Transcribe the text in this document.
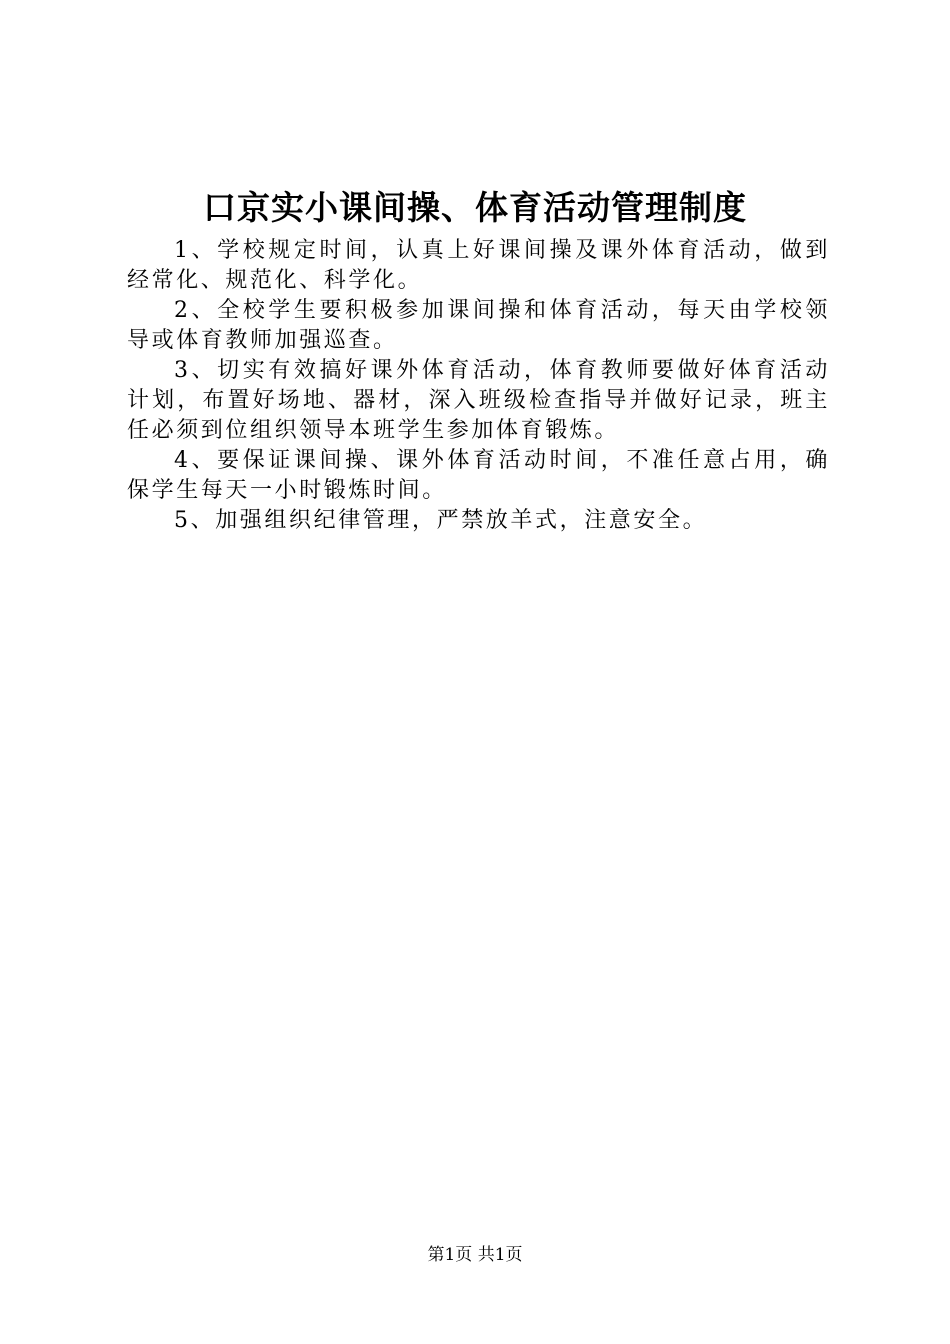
口京实小课间操、体育活动管理制度

1、学校规定时间，认真上好课间操及课外体育活动，做到经常化、规范化、科学化。

2、全校学生要积极参加课间操和体育活动，每天由学校领导或体育教师加强巡查。

3、切实有效搞好课外体育活动，体育教师要做好体育活动计划，布置好场地、器材，深入班级检查指导并做好记录，班主任必须到位组织领导本班学生参加体育锻炼。

4、要保证课间操、课外体育活动时间，不准任意占用，确保学生每天一小时锻炼时间。

5、加强组织纪律管理，严禁放羊式，注意安全。

第1页 共1页
